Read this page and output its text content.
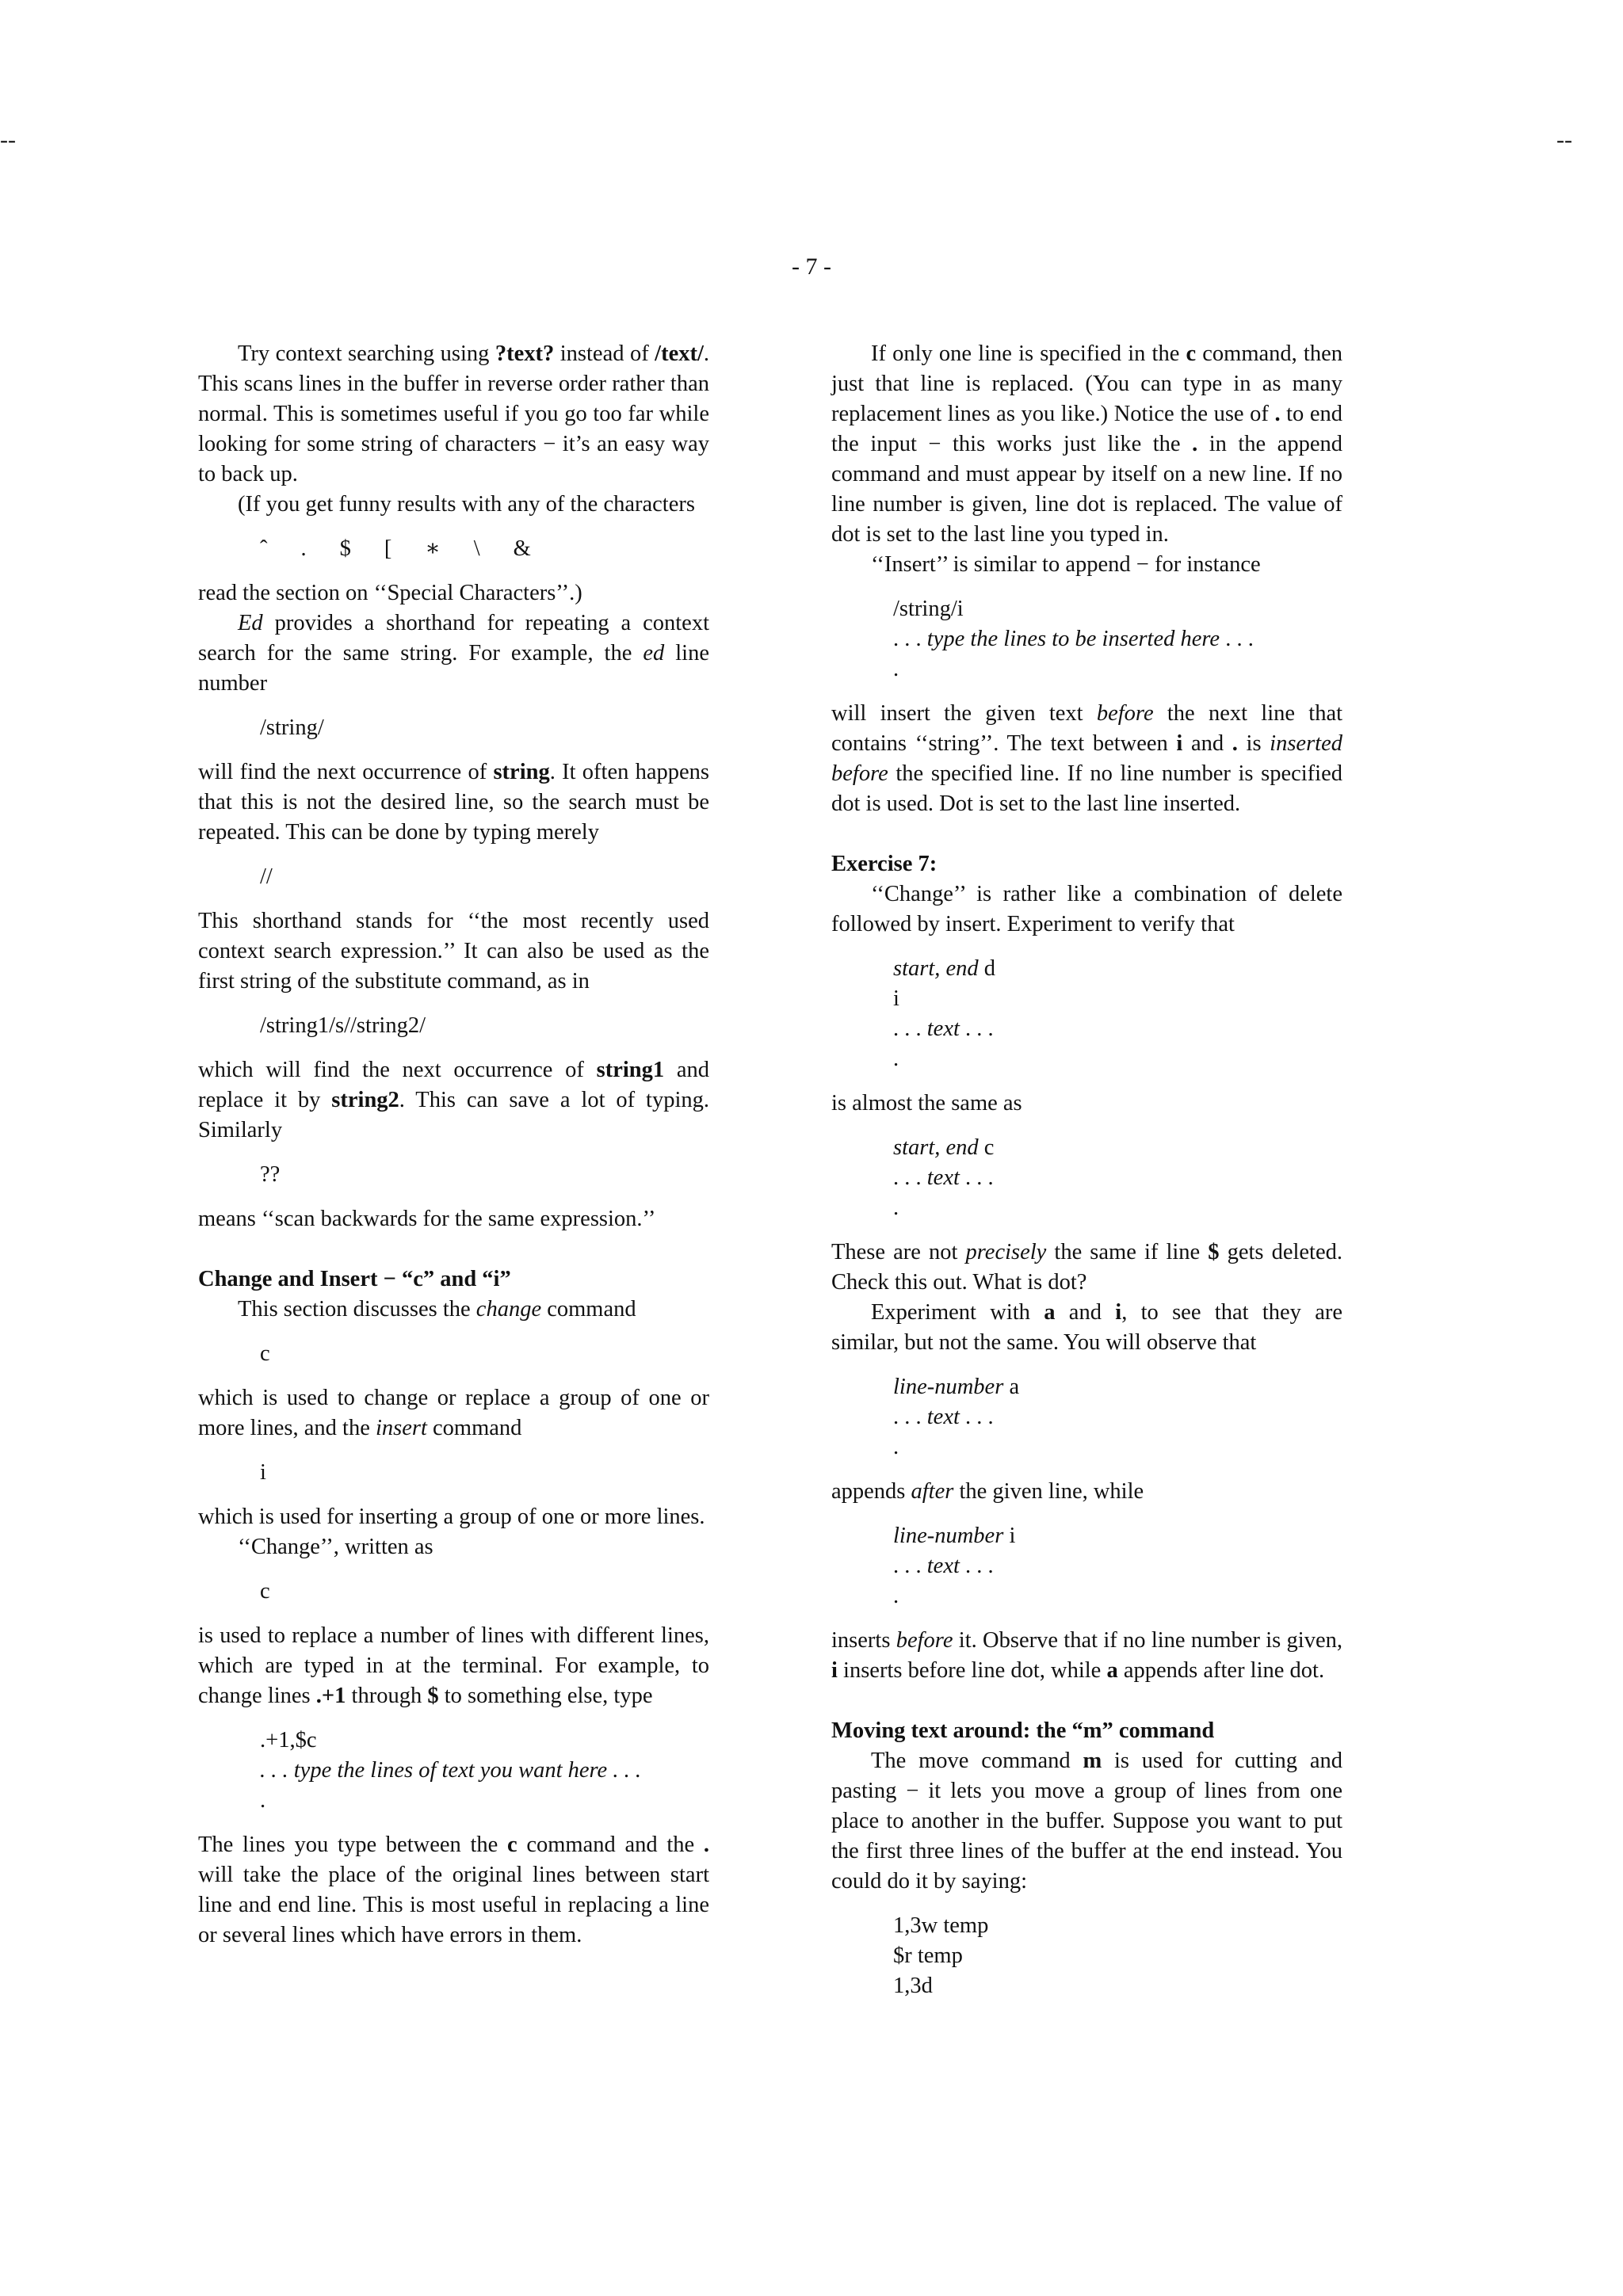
--	--
- 7 -

Try context searching using ?text? instead of /text/. This scans lines in the buffer in reverse order rather than normal. This is sometimes useful if you go too far while looking for some string of characters − it’s an easy way to back up.

(If you get funny results with any of the characters

ˆ . $ [ ∗ \ &

read the section on ‘‘Special Characters’’.)

Ed provides a shorthand for repeating a context search for the same string. For example, the ed line number

/string/

will find the next occurrence of string. It often happens that this is not the desired line, so the search must be repeated. This can be done by typing merely

//

This shorthand stands for ‘‘the most recently used context search expression.’’ It can also be used as the first string of the substitute command, as in

/string1/s//string2/

which will find the next occurrence of string1 and replace it by string2. This can save a lot of typing. Similarly

??

means ‘‘scan backwards for the same expression.’’

Change and Insert − “c” and “i”

This section discusses the change command

c

which is used to change or replace a group of one or more lines, and the insert command

i

which is used for inserting a group of one or more lines.

‘‘Change’’, written as

c

is used to replace a number of lines with different lines, which are typed in at the terminal. For example, to change lines .+1 through $ to something else, type

.+1,$c
. . . type the lines of text you want here . . .
.

The lines you type between the c command and the . will take the place of the original lines between start line and end line. This is most useful in replacing a line or several lines which have errors in them.

If only one line is specified in the c command, then just that line is replaced. (You can type in as many replacement lines as you like.) Notice the use of . to end the input − this works just like the . in the append command and must appear by itself on a new line. If no line number is given, line dot is replaced. The value of dot is set to the last line you typed in.

‘‘Insert’’ is similar to append − for instance

/string/i
. . . type the lines to be inserted here . . .
.

will insert the given text before the next line that contains ‘‘string’’. The text between i and . is inserted before the specified line. If no line number is specified dot is used. Dot is set to the last line inserted.

Exercise 7:

‘‘Change’’ is rather like a combination of delete followed by insert. Experiment to verify that

start, end d
i
. . . text . . .
.

is almost the same as

start, end c
. . . text . . .
.

These are not precisely the same if line $ gets deleted. Check this out. What is dot?

Experiment with a and i, to see that they are similar, but not the same. You will observe that

line-number a
. . . text . . .
.

appends after the given line, while

line-number i
. . . text . . .
.

inserts before it. Observe that if no line number is given, i inserts before line dot, while a appends after line dot.

Moving text around: the “m” command

The move command m is used for cutting and pasting − it lets you move a group of lines from one place to another in the buffer. Suppose you want to put the first three lines of the buffer at the end instead. You could do it by saying:

1,3w temp
$r temp
1,3d
